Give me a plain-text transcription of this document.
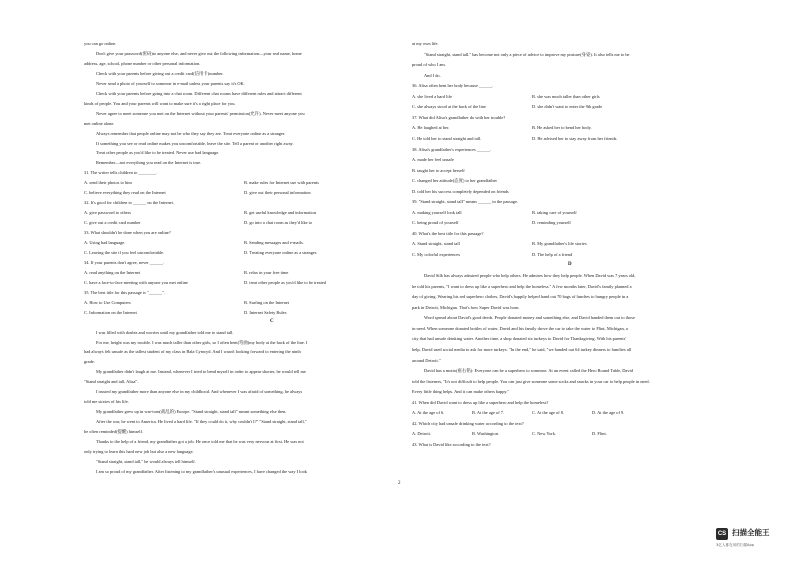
you can go online.
Don't give your password(密码)to anyone else, and never give out the following information—your real name, home
address, age, school, phone number or other personal information.
Check with your parents before giving out a credit card(信用卡)number.
Never send a photo of yourself to someone in e-mail unless your parents say it's OK.
Check with your parents before going into a chat room. Different chat rooms have different rules and attract different
kinds of people. You and your parents will want to make sure it's a right place for you.
Never agree to meet someone you met on the Internet without your parents' permission(允许). Never meet anyone you
met online alone.
Always remember that people online may not be who they say they are. Treat everyone online as a stranger.
If something you see or read online makes you uncomfortable, leave the site. Tell a parent or another right away.
Treat other people as you'd like to be treated. Never use bad language.
Remember—not everything you read on the Internet is true.
31. The writer tells children to ________.
A. send their photos to him	B. make rules for Internet use with parents
C. believe everything they read on the Internet	D. give out their personal information
32. It's good for children to ______ on the Internet.
A. give password to others	B. get useful knowledge and information
C. give out a credit card number	D. go into a chat room as they'd like to
33. What shouldn't be done when you are online?
A. Using bad language.	B. Sending messages and e-mails.
C. Leaving the site if you feel uncomfortable.	D. Treating everyone online as a stranger.
34. If your parents don't agree, never ______.
A. read anything on the Internet	B. relax in your free time
C. have a face-to-face meeting with anyone you met online	D. treat other people as you'd like to be treated
35. The best title for this passage is "______".
A. How to Use Computers	B. Surfing on the Internet
C. Information on the Internet	D. Internet Safety Rules
C
I was filled with doubts and worries until my grandfather told me to stand tall.
For me, height was my trouble. I was much taller than other girls, so I often bent(弯曲)my body at the back of the line. I
had always felt unsafe as the tallest student of my class in Bala Cynwyd. And I wasn't looking forward to entering the ninth
grade.
My grandfather didn't laugh at me. Instead, whenever I tried to bend myself in order to appear shorter, he would tell me
"Stand straight and tall, Alisa".
I trusted my grandfather more than anyone else in my childhood. And whenever I was afraid of something, he always
told me stories of his life.
My grandfather grew up in war-torn(战乱的) Europe. "Stand straight, stand tall" meant something else then.
After the war, he went to America. He lived a hard life. "If they could do it, why couldn't I?" "Stand straight, stand tall,"
he often reminded(提醒) himself.
Thanks to the help of a friend, my grandfather got a job. He once told me that he was very nervous at first. He was not
only trying to learn this hard new job but also a new language.
"Stand straight, stand tall," he would always tell himself.
I am so proud of my grandfather. After listening to my grandfather's unusual experiences, I have changed the way I look
at my own life.
"Stand straight, stand tall." has become not only a piece of advice to improve my posture(身姿). It also tells me to be
proud of who I am.
And I do.
36. Alisa often bent her body because ______.
A. she lived a hard life	B. she was much taller than other girls
C. she always stood at the back of the line	D. she didn't want to enter the 9th grade
37. What did Alisa's grandfather do with her trouble?
A. He laughed at her.	B. He asked her to bend her body.
C. He told her to stand straight and tall.	D. He advised her to stay away from her friends.
38. Alisa's grandfather's experiences ______.
A. made her feel unsafe
B. taught her to accept herself
C. changed her attitude(态度) to her grandfather
D. told her his success completely depended on friends
39. "Stand straight, stand tall" means ______ in the passage.
A. making yourself look tall	B. taking care of yourself
C. being proud of yourself	D. reminding yourself
40. What's the best title for this passage?
A. Stand straight, stand tall	B. My grandfather's life stories
C. My colorful experiences	D. The help of a friend
D
David Silk has always admired people who help others. He admires how they help people. When David was 7 years old,
he told his parents, "I want to dress up like a superhero and help the homeless." A few months later, David's family planned a
day of giving. Wearing his red superhero clothes, David's happily helped hand out 70 bags of lunches to hungry people in a
park in Detroit, Michigan. That's how Super David was born.
Word spread about David's good deeds. People donated money and something else, and David handed them out to those
in need. When someone donated bottles of water, David and his family drove the car to take the water to Flint, Michigan, a
city that had unsafe drinking water. Another time, a shop donated six turkeys to David for Thanksgiving. With his parents'
help, David used social media to ask for more turkeys. "In the end," he said, "we handed out 64 turkey dinners to families all
around Detroit."
David has a motto(座右铭): Everyone can be a superhero to someone. At an event called the Hero Round Table, David
told the listeners, "It's not difficult to help people. You can just give someone some socks and snacks in your car to help people in need.
Every little thing helps. And it can make others happy."
41. When did David want to dress up like a superhero and help the homeless?
A. At the age of 6.	B. At the age of 7.	C. At the age of 8.	D. At the age of 9.
42. Which city had unsafe drinking water according to the text?
A. Detroit.	B. Washington.	C. New York.	D. Flint.
43. What is David like according to the text?
2
CS 扫描全能王
3亿人都在用的扫描App
